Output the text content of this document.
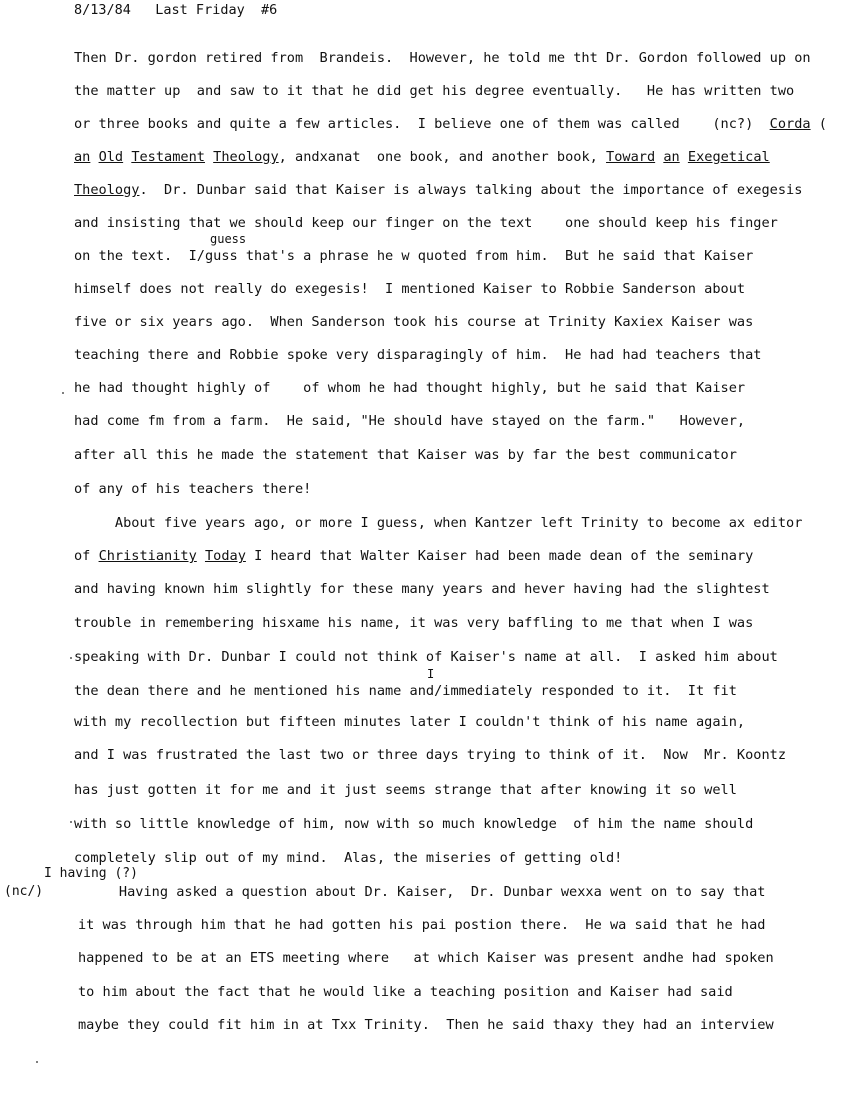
8/13/84 Last Friday #6
Then Dr. gordon retired from  Brandeis.  However, he told me tht Dr. Gordon followed up on
the matter up  and saw to it that he did get his degree eventually.   He has written two
or three books and quite a few articles.  I believe one of them was called    (nc?)  Corda (
an Old Testament Theology, andxanat  one book, and another book, Toward an Exegetical
Theology.  Dr. Dunbar said that Kaiser is always talking about the importance of exegesis
and insisting that we should keep our finger on the text    one should keep his finger
on the text.  I/guss that's a phrase he w quoted from him.  But he said that Kaiser
himself does not really do exegesis!  I mentioned Kaiser to Robbie Sanderson about
five or six years ago.  When Sanderson took his course at Trinity Kaxiex Kaiser was
teaching there and Robbie spoke very disparagingly of him.  He had had teachers that
he had thought highly of    of whom he had thought highly, but he said that Kaiser
had come fm from a farm.  He said, "He should have stayed on the farm."   However,
after all this he made the statement that Kaiser was by far the best communicator
of any of his teachers there!
About five years ago, or more I guess, when Kantzer left Trinity to become ax editor
of Christianity Today I heard that Walter Kaiser had been made dean of the seminary
and having known him slightly for these many years and hever having had the slightest
trouble in remembering hisxame his name, it was very baffling to me that when I was
speaking with Dr. Dunbar I could not think of Kaiser's name at all.  I asked him about
the dean there and he mentioned his name and/immediately responded to it.  It fit
with my recollection but fifteen minutes later I couldn't think of his name again,
and I was frustrated the last two or three days trying to think of it.  Now  Mr. Koontz
has just gotten it for me and it just seems strange that after knowing it so well
with so little knowledge of him, now with so much knowledge  of him the name should
completely slip out of my mind.  Alas, the miseries of getting old!
Having asked a question about Dr. Kaiser,  Dr. Dunbar wexxa went on to say that
it was through him that he had gotten his pai postion there.  He wa said that he had
happened to be at an ETS meeting where   at which Kaiser was present andhe had spoken
to him about the fact that he would like a teaching position and Kaiser had said
maybe they could fit him in at Txx Trinity.  Then he said thaxy they had an interview
guess
I
I having (?)
(nc/)
